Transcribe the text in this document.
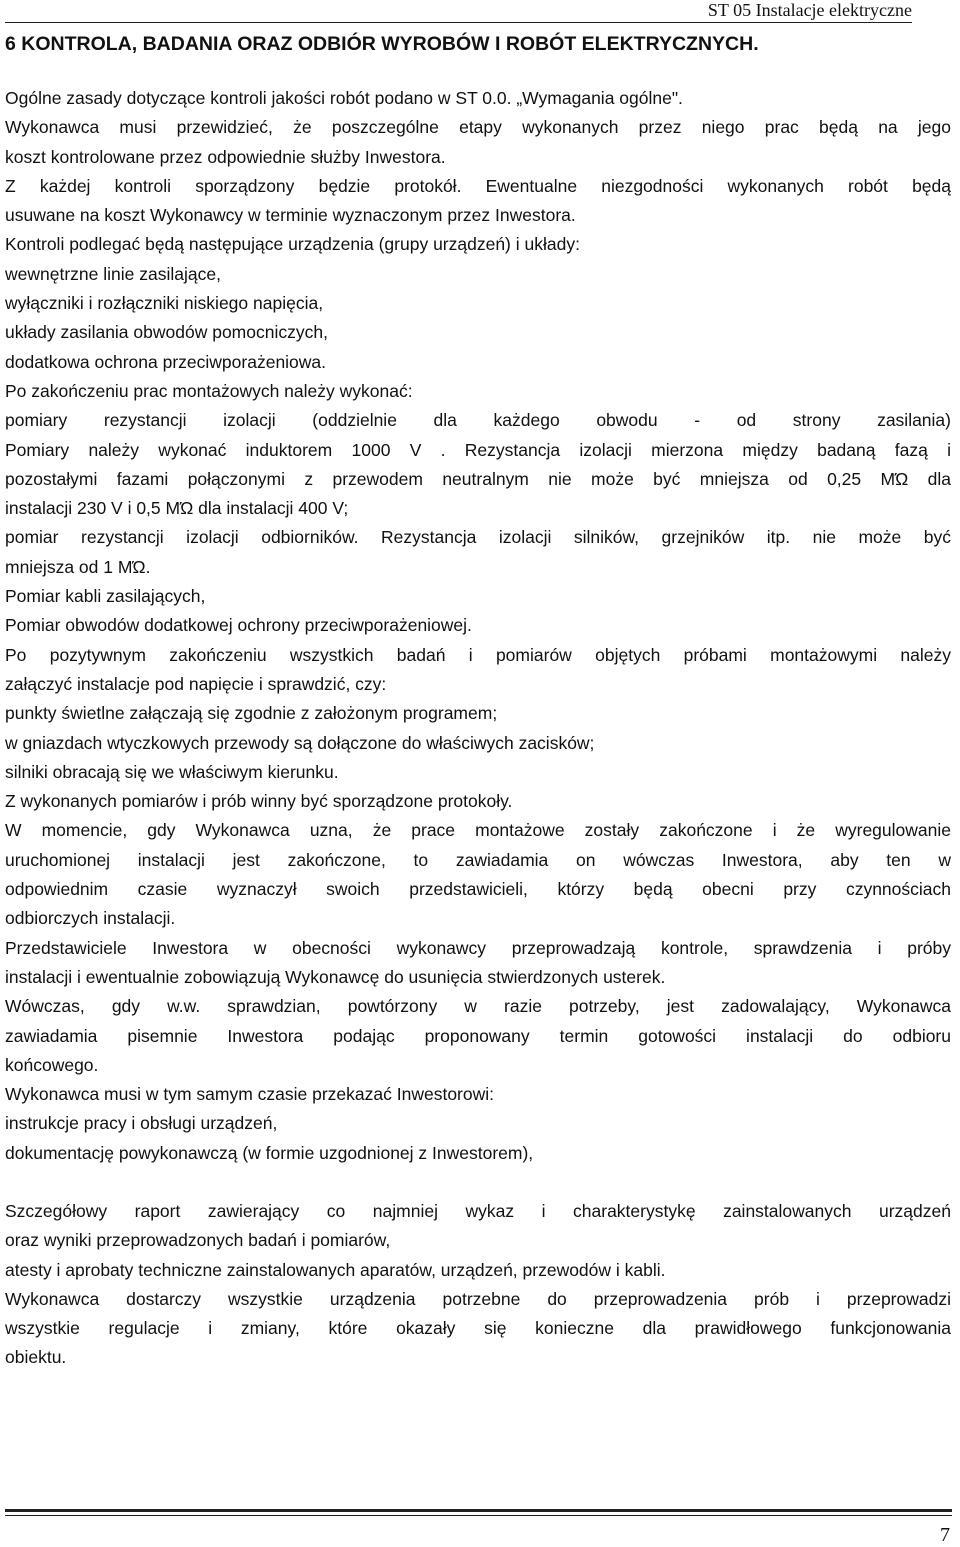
ST 05 Instalacje elektryczne
6 KONTROLA, BADANIA ORAZ ODBIÓR WYROBÓW I ROBÓT ELEKTRYCZNYCH.

Ogólne zasady dotyczące kontroli jakości robót podano w ST 0.0. „Wymagania ogólne".

Wykonawca musi przewidzieć, że poszczególne etapy wykonanych przez niego prac będą na jego

koszt kontrolowane przez odpowiednie służby Inwestora.

Z każdej kontroli sporządzony będzie protokół. Ewentualne niezgodności wykonanych robót będą

usuwane na koszt Wykonawcy w terminie wyznaczonym przez Inwestora.

Kontroli podlegać będą następujące urządzenia (grupy urządzeń) i układy:

wewnętrzne linie zasilające,

wyłączniki i rozłączniki niskiego napięcia,

układy zasilania obwodów pomocniczych,

dodatkowa ochrona przeciwporażeniowa.

Po zakończeniu prac montażowych należy wykonać:

pomiary rezystancji izolacji (oddzielnie dla każdego obwodu - od strony zasilania)

Pomiary należy wykonać induktorem 1000 V . Rezystancja izolacji mierzona między badaną fazą i

pozostałymi fazami połączonymi z przewodem neutralnym nie może być mniejsza od 0,25 MΏ dla

instalacji 230 V i 0,5 MΏ dla instalacji 400 V;

pomiar rezystancji izolacji odbiorników. Rezystancja izolacji silników, grzejników itp. nie może być

mniejsza od 1 MΏ.

Pomiar kabli zasilających,

Pomiar obwodów dodatkowej ochrony przeciwporażeniowej.

Po pozytywnym zakończeniu wszystkich badań i pomiarów objętych próbami montażowymi należy

załączyć instalacje pod napięcie i sprawdzić, czy:

punkty świetlne załączają się zgodnie z założonym programem;

w gniazdach wtyczkowych przewody są dołączone do właściwych zacisków;

silniki obracają się we właściwym kierunku.

Z wykonanych pomiarów i prób winny być sporządzone protokoły.

W momencie, gdy Wykonawca uzna, że prace montażowe zostały zakończone i że wyregulowanie

uruchomionej instalacji jest zakończone, to zawiadamia on wówczas Inwestora, aby ten w

odpowiednim czasie wyznaczył swoich przedstawicieli, którzy będą obecni przy czynnościach

odbiorczych instalacji.

Przedstawiciele Inwestora w obecności wykonawcy przeprowadzają kontrole, sprawdzenia i próby

instalacji i ewentualnie zobowiązują Wykonawcę do usunięcia stwierdzonych usterek.

Wówczas, gdy w.w. sprawdzian, powtórzony w razie potrzeby, jest zadowalający, Wykonawca

zawiadamia pisemnie Inwestora podając proponowany termin gotowości instalacji do odbioru

końcowego.

Wykonawca musi w tym samym czasie przekazać Inwestorowi:

instrukcje pracy i obsługi urządzeń,

dokumentację powykonawczą (w formie uzgodnionej z Inwestorem),

Szczegółowy raport zawierający co najmniej wykaz i charakterystykę zainstalowanych urządzeń

oraz wyniki przeprowadzonych badań i pomiarów,

atesty i aprobaty techniczne zainstalowanych aparatów, urządzeń, przewodów i kabli.

Wykonawca dostarczy wszystkie urządzenia potrzebne do przeprowadzenia prób i przeprowadzi

wszystkie regulacje i zmiany, które okazały się konieczne dla prawidłowego funkcjonowania

obiektu.

7
